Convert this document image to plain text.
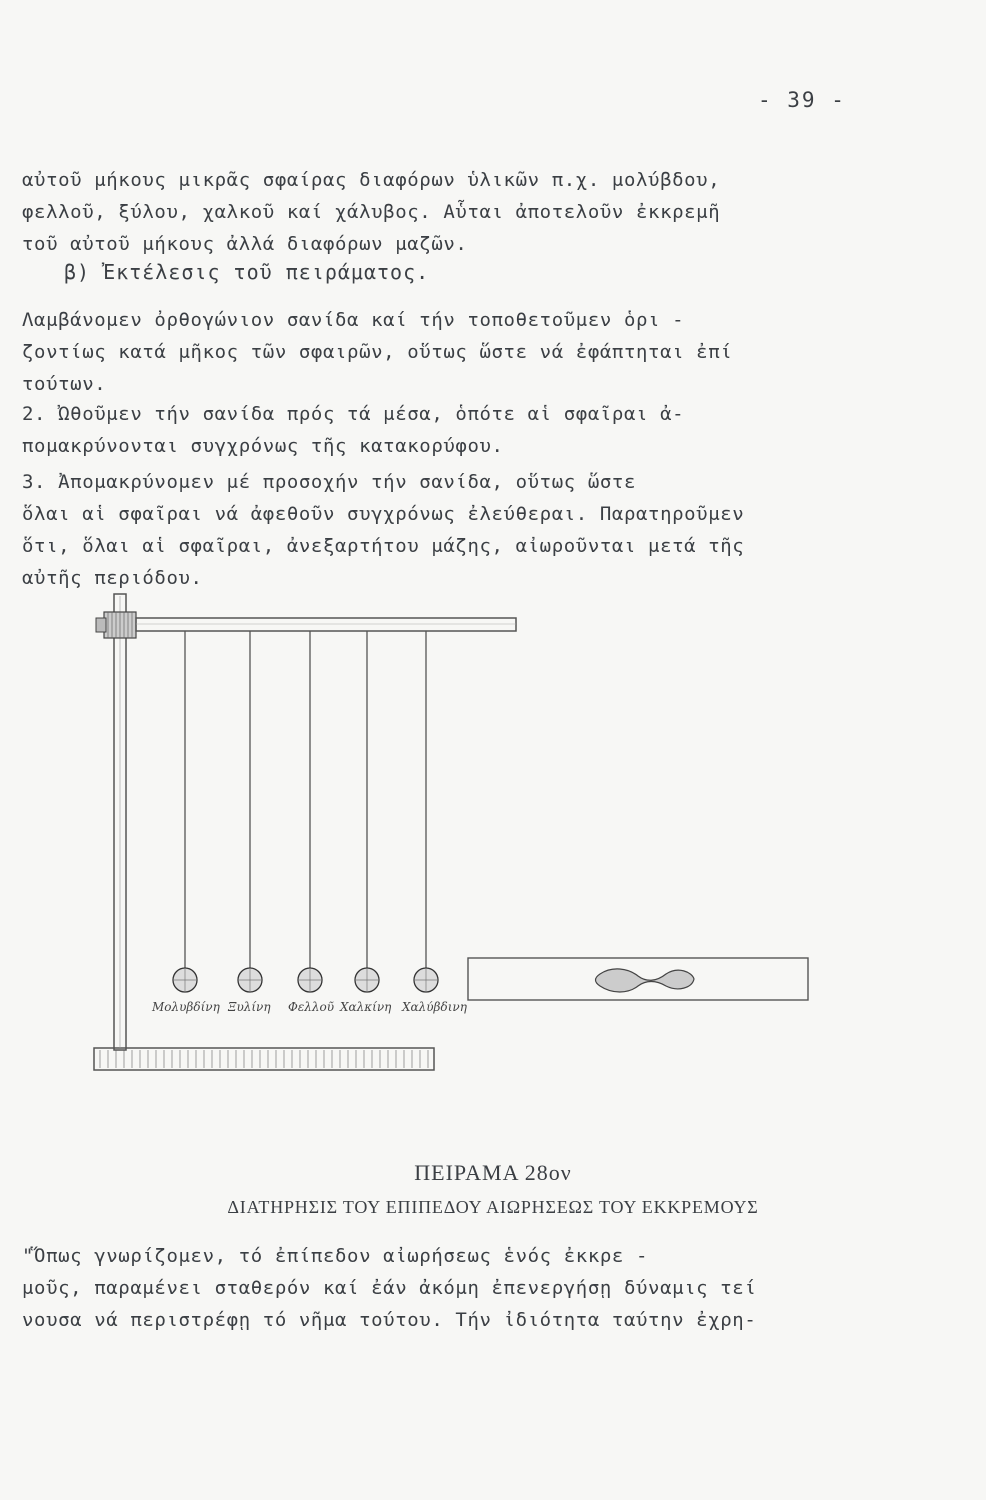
- 39 -
αὐτοῦ μήκους μικρᾶς σφαίρας διαφόρων ὑλικῶν π.χ. μολύβδου,
φελλοῦ, ξύλου, χαλκοῦ καί χάλυβος. Αὗται ἀποτελοῦν ἐκκρεμῆ
τοῦ αὐτοῦ μήκους ἀλλά διαφόρων μαζῶν.
β) Ἐκτέλεσις τοῦ πειράματος.
Λαμβάνομεν ὀρθογώνιον σανίδα καί τήν τοποθετοῦμεν ὁρι -
ζοντίως κατά μῆκος τῶν σφαιρῶν, οὕτως ὥστε νά ἐφάπτηται ἐπί
τούτων.
2. Ὠθοῦμεν τήν σανίδα πρός τά μέσα, ὁπότε αἱ σφαῖραι ἀ-
πομακρύνονται συγχρόνως τῆς κατακορύφου.
3. Ἀπομακρύνομεν μέ προσοχήν τήν σανίδα, οὕτως ὥστε
ὅλαι αἱ σφαῖραι νά ἀφεθοῦν συγχρόνως ἐλεύθεραι. Παρατηροῦμεν
ὅτι, ὅλαι αἱ σφαῖραι, ἀνεξαρτήτου μάζης, αἰωροῦνται μετά τῆς
αὐτῆς περιόδου.
Μολυβδίνη Ξυλίνη Φελλοῦ Χαλκίνη Χαλύβδινη
ΠΕΙΡΑΜΑ 28ον
ΔΙΑΤΗΡΗΣΙΣ ΤΟΥ ΕΠΙΠΕΔΟΥ ΑΙΩΡΗΣΕΩΣ ΤΟΥ ΕΚΚΡΕΜΟΥΣ
"Ὅπως γνωρίζομεν, τό ἐπίπεδον αἰωρήσεως ἑνός ἐκκρε -
μοῦς, παραμένει σταθερόν καί ἐάν ἀκόμη ἐπενεργήσῃ δύναμις τεί
νουσα νά περιστρέφῃ τό νῆμα τούτου. Τήν ἰδιότητα ταύτην ἐχρη-
